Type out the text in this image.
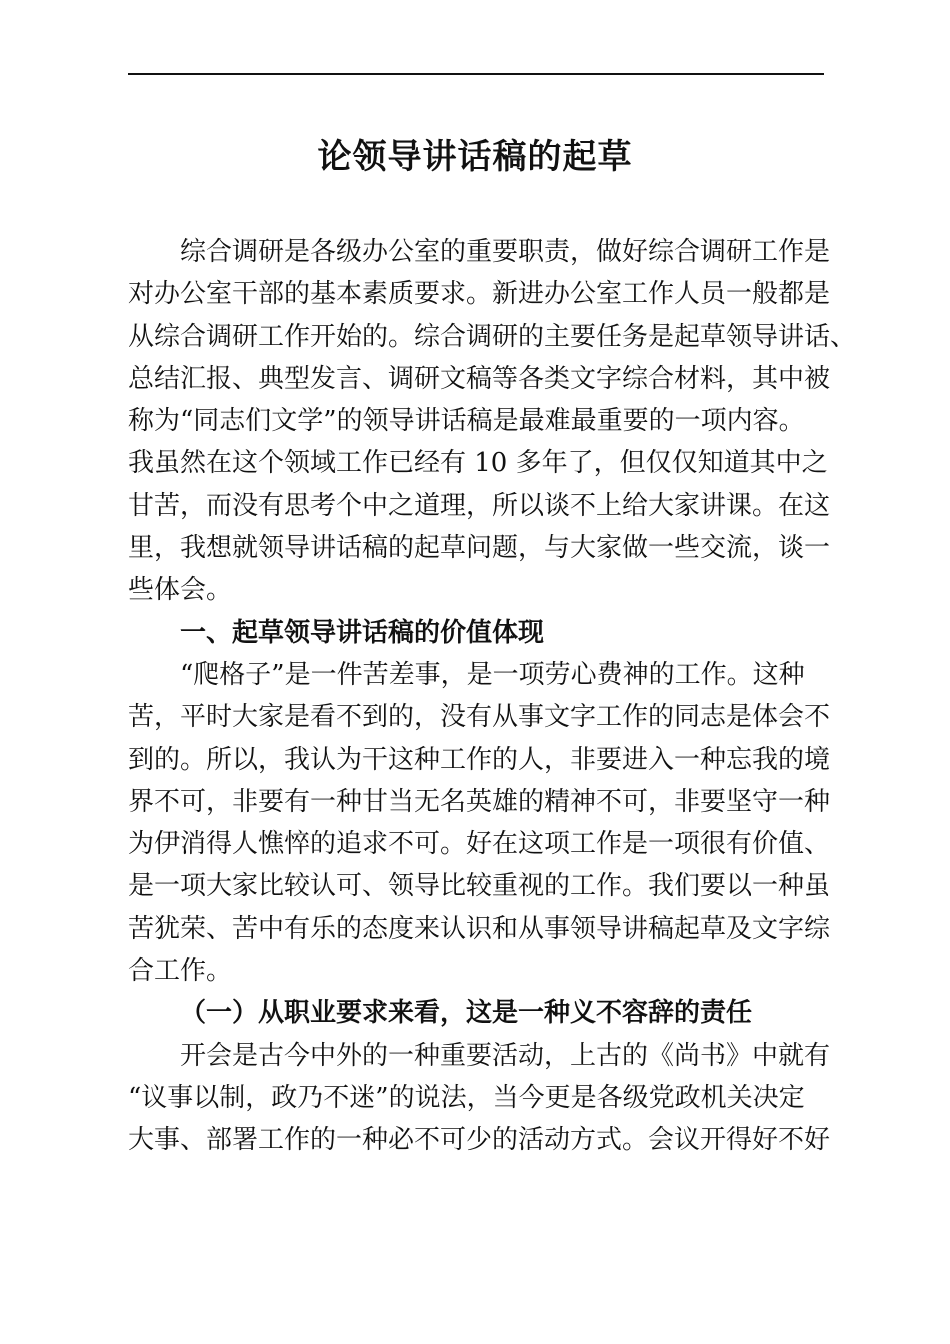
论领导讲话稿的起草
综合调研是各级办公室的重要职责，做好综合调研工作是
对办公室干部的基本素质要求。新进办公室工作人员一般都是
从综合调研工作开始的。综合调研的主要任务是起草领导讲话、
总结汇报、典型发言、调研文稿等各类文字综合材料，其中被
称为“同志们文学”的领导讲话稿是最难最重要的一项内容。
我虽然在这个领域工作已经有 10 多年了，但仅仅知道其中之
甘苦，而没有思考个中之道理，所以谈不上给大家讲课。在这
里，我想就领导讲话稿的起草问题，与大家做一些交流，谈一
些体会。
一、起草领导讲话稿的价值体现
“爬格子”是一件苦差事，是一项劳心费神的工作。这种
苦，平时大家是看不到的，没有从事文字工作的同志是体会不
到的。所以，我认为干这种工作的人，非要进入一种忘我的境
界不可，非要有一种甘当无名英雄的精神不可，非要坚守一种
为伊消得人憔悴的追求不可。好在这项工作是一项很有价值、
是一项大家比较认可、领导比较重视的工作。我们要以一种虽
苦犹荣、苦中有乐的态度来认识和从事领导讲稿起草及文字综
合工作。
（一）从职业要求来看，这是一种义不容辞的责任
开会是古今中外的一种重要活动，上古的《尚书》中就有
“议事以制，政乃不迷”的说法，当今更是各级党政机关决定
大事、部署工作的一种必不可少的活动方式。会议开得好不好
